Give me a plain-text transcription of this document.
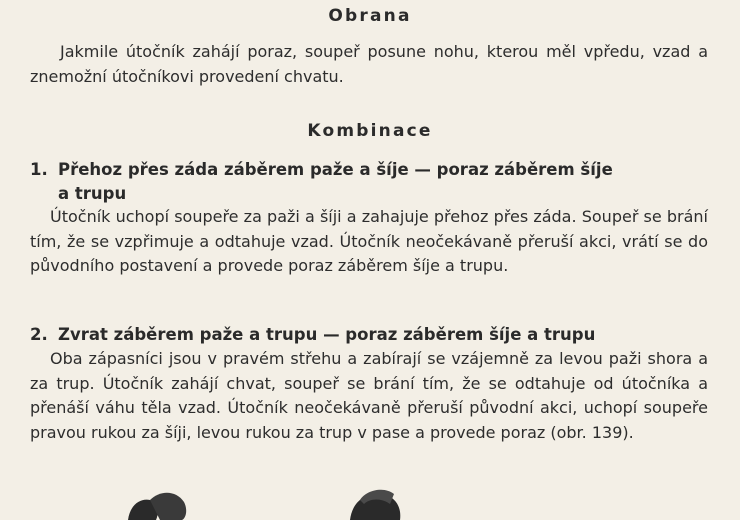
Obrana
Jakmile útočník zahájí poraz, soupeř posune nohu, kterou měl vpředu, vzad a znemožní útočníkovi provedení chvatu.
Kombinace
1. Přehoz přes záda záběrem paže a šíje — poraz záběrem šíje
a trupu
Útočník uchopí soupeře za paži a šíji a zahajuje přehoz přes záda. Soupeř se brání tím, že se vzpřimuje a odtahuje vzad. Útočník neočekávaně přeruší akci, vrátí se do původního postavení a provede poraz záběrem šíje a trupu.
2. Zvrat záběrem paže a trupu — poraz záběrem šíje a trupu
Oba zápasníci jsou v pravém střehu a zabírají se vzájemně za levou paži shora a za trup. Útočník zahájí chvat, soupeř se brání tím, že se odtahuje od útočníka a přenáší váhu těla vzad. Útočník neočekávaně přeruší původní akci, uchopí soupeře pravou rukou za šíji, levou rukou za trup v pase a provede poraz (obr. 139).
